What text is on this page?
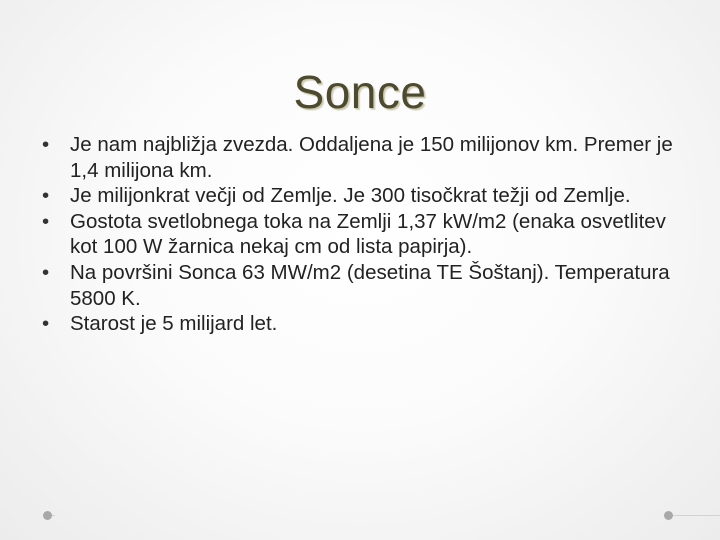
Sonce
• Je nam najbližja zvezda. Oddaljena je 150 milijonov km. Premer je 1,4 milijona km.
• Je milijonkrat večji od Zemlje. Je 300 tisočkrat težji od Zemlje.
• Gostota svetlobnega toka na Zemlji 1,37 kW/m2 (enaka osvetlitev kot 100 W žarnica nekaj cm od lista papirja).
• Na površini Sonca 63 MW/m2 (desetina TE Šoštanj). Temperatura 5800 K.
• Starost je 5 milijard let.
